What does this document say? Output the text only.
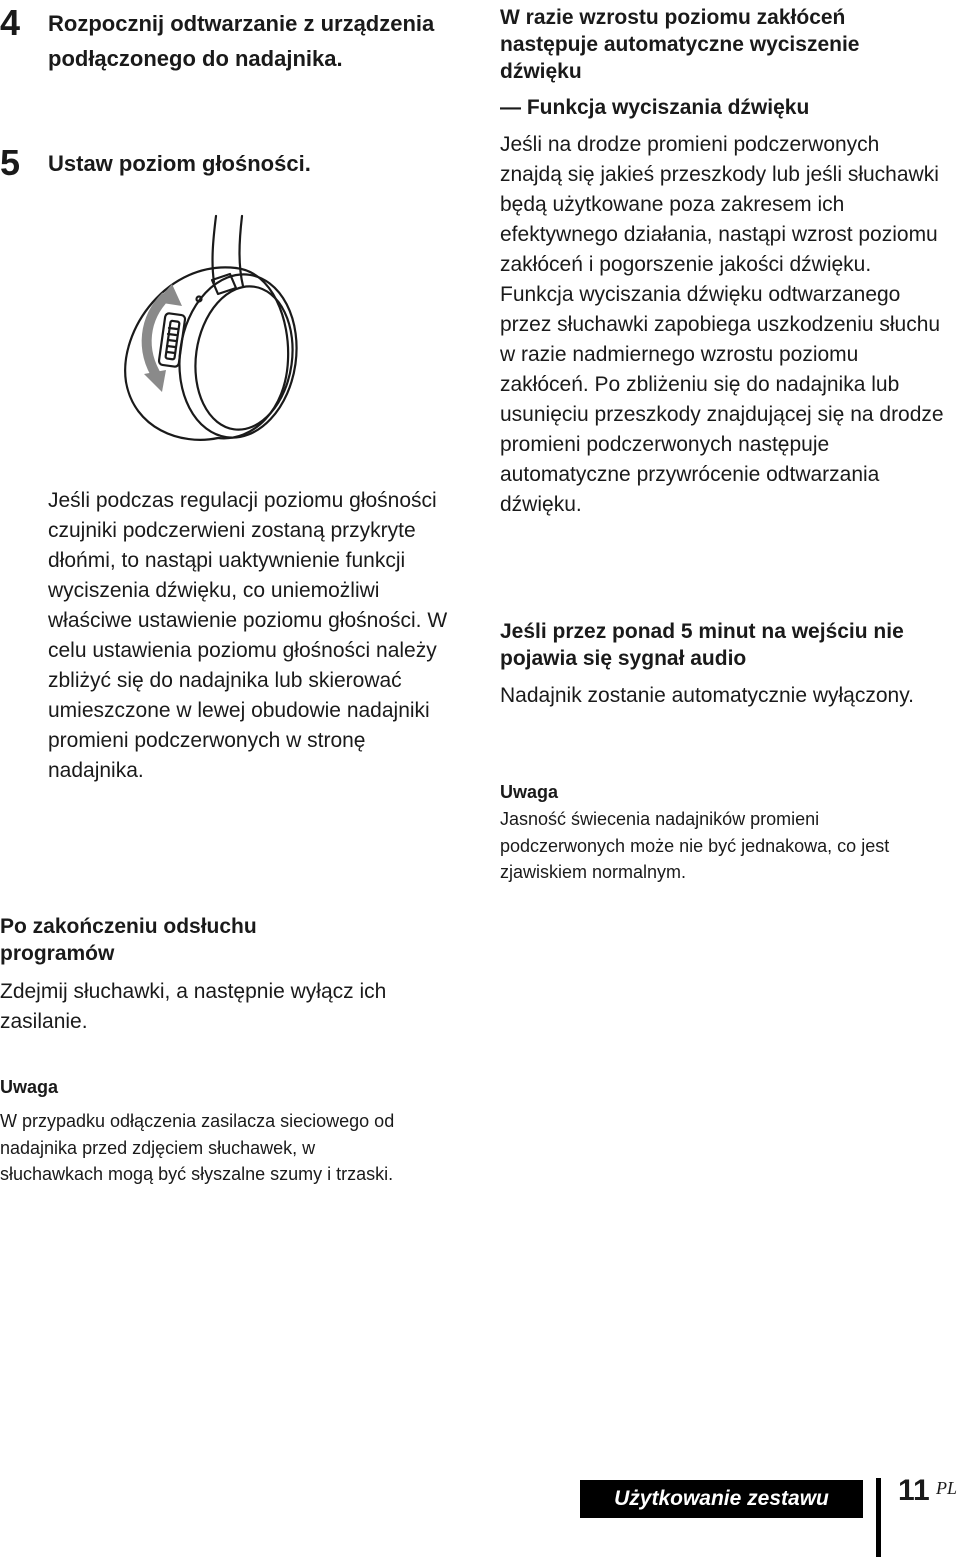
4 Rozpocznij odtwarzanie z urządzenia podłączonego do nadajnika.
5 Ustaw poziom głośności.

Jeśli podczas regulacji poziomu głośności czujniki podczerwieni zostaną przykryte dłońmi, to nastąpi uaktywnienie funkcji wyciszenia dźwięku, co uniemożliwi właściwe ustawienie poziomu głośności. W celu ustawienia poziomu głośności należy zbliżyć się do nadajnika lub skierować umieszczone w lewej obudowie nadajniki promieni podczerwonych w stronę nadajnika.

Po zakończeniu odsłuchu programów

Zdejmij słuchawki, a następnie wyłącz ich zasilanie.

Uwaga

W przypadku odłączenia zasilacza sieciowego od nadajnika przed zdjęciem słuchawek, w słuchawkach mogą być słyszalne szumy i trzaski.

W razie wzrostu poziomu zakłóceń następuje automatyczne wyciszenie dźwięku
— Funkcja wyciszania dźwięku

Jeśli na drodze promieni podczerwonych znajdą się jakieś przeszkody lub jeśli słuchawki będą użytkowane poza zakresem ich efektywnego działania, nastąpi wzrost poziomu zakłóceń i pogorszenie jakości dźwięku. Funkcja wyciszania dźwięku odtwarzanego przez słuchawki zapobiega uszkodzeniu słuchu w razie nadmiernego wzrostu poziomu zakłóceń. Po zbliżeniu się do nadajnika lub usunięciu przeszkody znajdującej się na drodze promieni podczerwonych następuje automatyczne przywrócenie odtwarzania dźwięku.

Jeśli przez ponad 5 minut na wejściu nie pojawia się sygnał audio

Nadajnik zostanie automatycznie wyłączony.

Uwaga

Jasność świecenia nadajników promieni podczerwonych może nie być jednakowa, co jest zjawiskiem normalnym.

Użytkowanie zestawu	11 PL
